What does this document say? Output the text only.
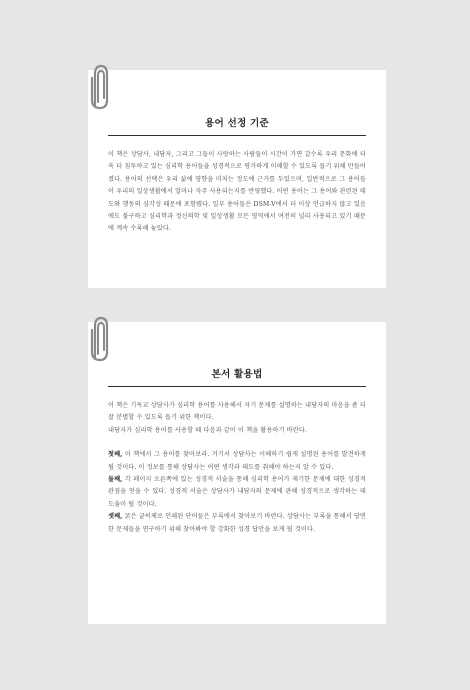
용어 선정 기준

이 책은 상담사, 내담자, 그리고 그들이 사랑하는 사람들이 시간이 가면 갈수록 우리 문화에 더욱 더 침투하고 있는 심리학 용어들을 성경적으로 평가하게 이해할 수 있도록 돕기 위해 만들어졌다. 용어의 선택은 우리 삶에 영향을 미치는 정도에 근거를 두었으며, 일반적으로 그 용어들이 우리의 일상생활에서 얼마나 자주 사용되는지를 반영했다. 어떤 용어는 그 용어와 관련된 태도와 행동의 심각성 때문에 포함됐다. 일부 용어들은 DSM-V에서 더 이상 언급하지 않고 있음에도 불구하고 심리학과 정신의학 및 일상생활 모든 영역에서 여전히 널리 사용되고 있기 때문에 계속 수록해 놓았다.

본서 활용법

이 책은 기독교 상담사가 심리학 용어를 사용해서 자기 문제를 설명하는 내담자의 마음을 좀 더 잘 분별할 수 있도록 돕기 위한 책이다.

내담자가 심리학 용어를 사용할 때 다음과 같이 이 책을 활용하기 바란다.

첫째, 이 책에서 그 용어를 찾아보라. 거기서 상담사는 이해하기 쉽게 설명된 용어를 발견하게 될 것이다. 이 정보를 통해 상담사는 어떤 생각과 태도를 취해야 하는지 알 수 있다.

둘째, 각 페이지 오른쪽에 있는 성경적 서술을 통해 심리학 용어가 제기한 문제에 대한 성경적 관점을 얻을 수 있다. 성경적 서술은 상담사가 내담자의 문제에 관해 성경적으로 생각하는 데 도움이 될 것이다.

셋째, 굵은 글씨체로 인쇄된 단어들은 부록에서 찾아보기 바란다. 상담사는 부록을 통해서 당면한 문제들을 연구하기 위해 찾아봐야 할 강화한 성경 답안을 보게 될 것이다.
